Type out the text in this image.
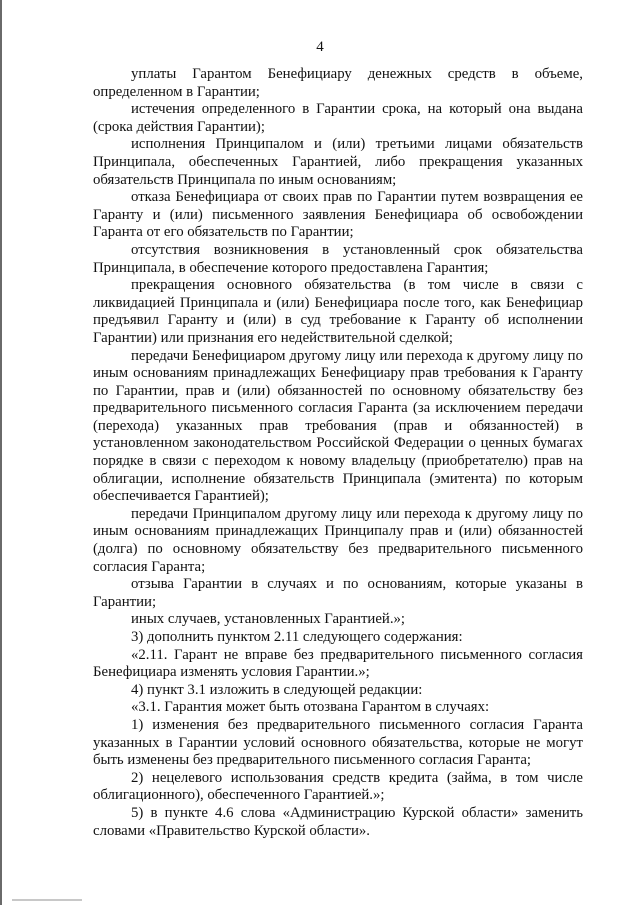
4

уплаты Гарантом Бенефициару денежных средств в объеме, определенном в Гарантии;

истечения определенного в Гарантии срока, на который она выдана (срока действия Гарантии);

исполнения Принципалом и (или) третьими лицами обязательств Принципала, обеспеченных Гарантией, либо прекращения указанных обязательств Принципала по иным основаниям;

отказа Бенефициара от своих прав по Гарантии путем возвращения ее Гаранту и (или) письменного заявления Бенефициара об освобождении Гаранта от его обязательств по Гарантии;

отсутствия возникновения в установленный срок обязательства Принципала, в обеспечение которого предоставлена Гарантия;

прекращения основного обязательства (в том числе в связи с ликвидацией Принципала и (или) Бенефициара после того, как Бенефициар предъявил Гаранту и (или) в суд требование к Гаранту об исполнении Гарантии) или признания его недействительной сделкой;

передачи Бенефициаром другому лицу или перехода к другому лицу по иным основаниям принадлежащих Бенефициару прав требования к Гаранту по Гарантии, прав и (или) обязанностей по основному обязательству без предварительного письменного согласия Гаранта (за исключением передачи (перехода) указанных прав требования (прав и обязанностей) в установленном законодательством Российской Федерации о ценных бумагах порядке в связи с переходом к новому владельцу (приобретателю) прав на облигации, исполнение обязательств Принципала (эмитента) по которым обеспечивается Гарантией);

передачи Принципалом другому лицу или перехода к другому лицу по иным основаниям принадлежащих Принципалу прав и (или) обязанностей (долга) по основному обязательству без предварительного письменного согласия Гаранта;

отзыва Гарантии в случаях и по основаниям, которые указаны в Гарантии;

иных случаев, установленных Гарантией.»;

3) дополнить пунктом 2.11 следующего содержания:

«2.11. Гарант не вправе без предварительного письменного согласия Бенефициара изменять условия Гарантии.»;

4) пункт 3.1 изложить в следующей редакции:

«3.1. Гарантия может быть отозвана Гарантом в случаях:

1) изменения без предварительного письменного согласия Гаранта указанных в Гарантии условий основного обязательства, которые не могут быть изменены без предварительного письменного согласия Гаранта;

2) нецелевого использования средств кредита (займа, в том числе облигационного), обеспеченного Гарантией.»;

5) в пункте 4.6 слова «Администрацию Курской области» заменить словами «Правительство Курской области».
